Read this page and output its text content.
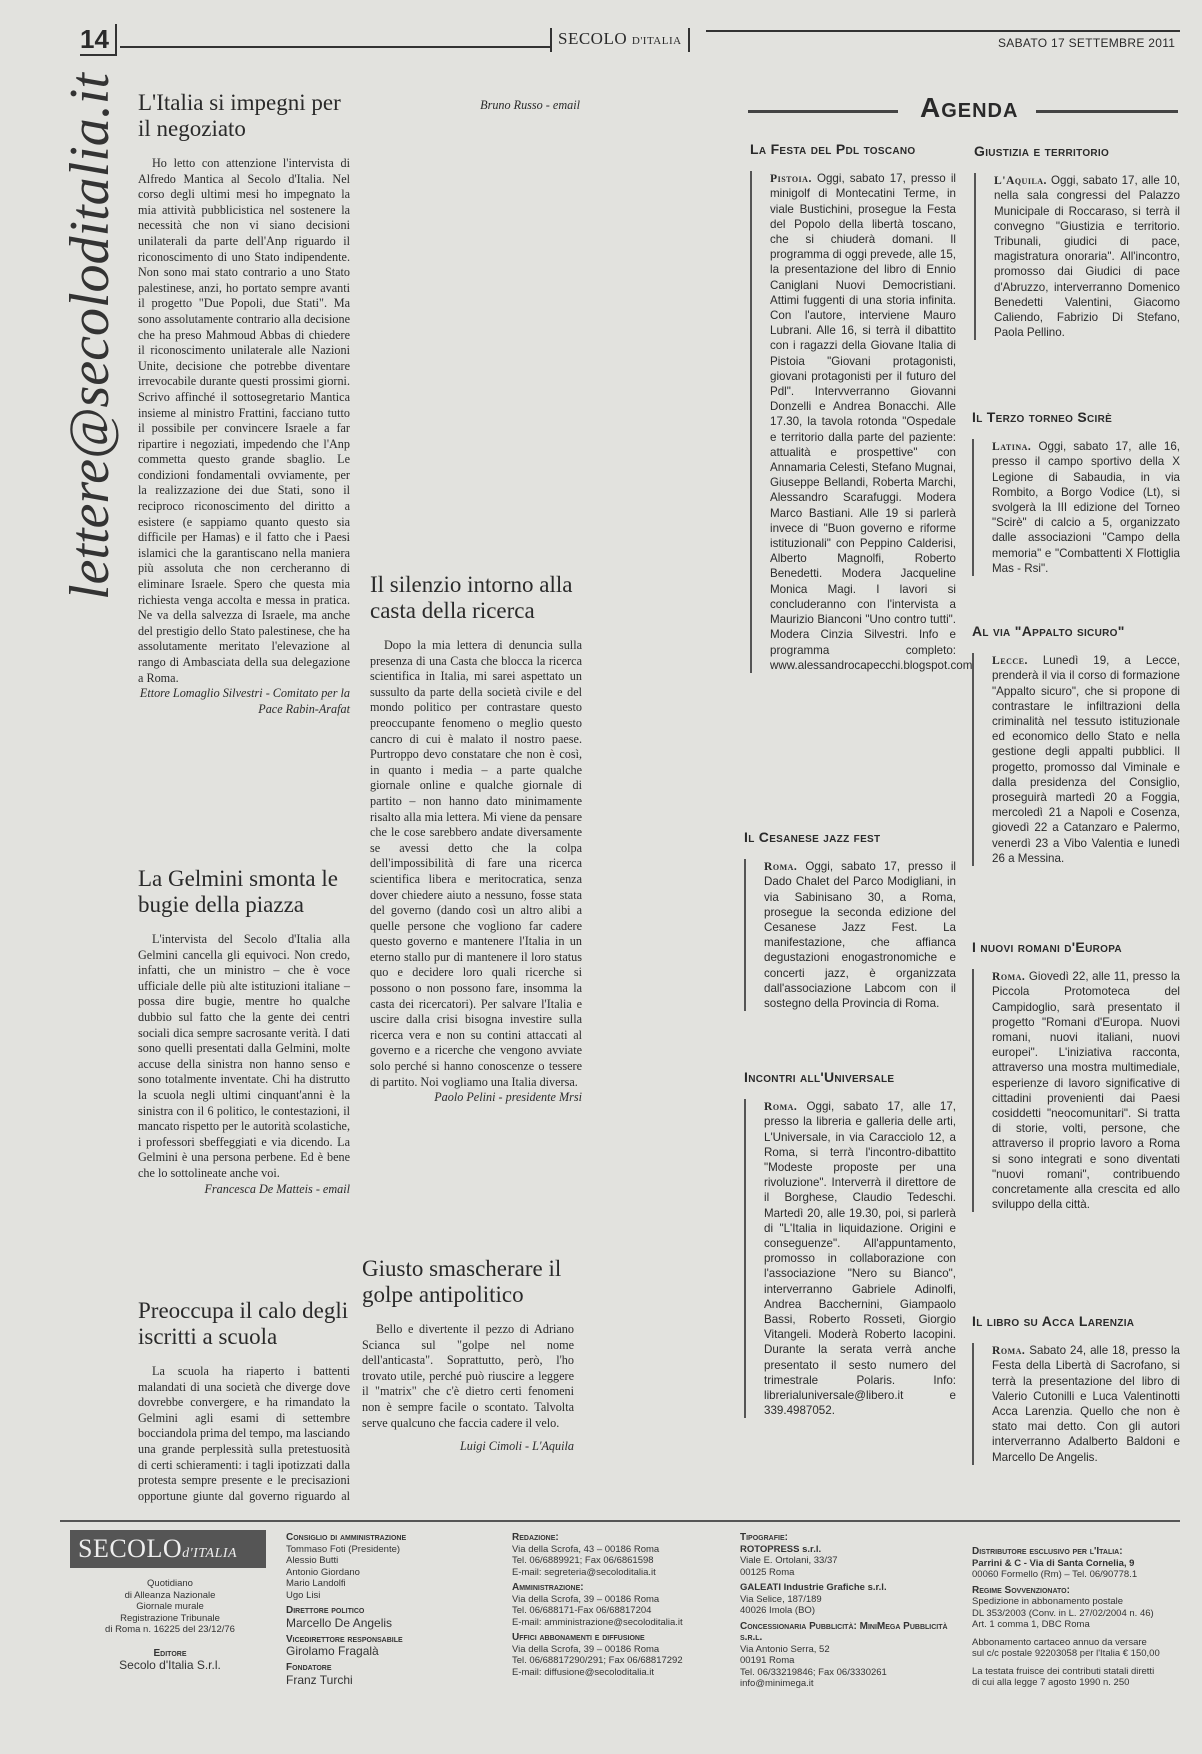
14	SECOLO D'ITALIA	SABATO 17 SETTEMBRE 2011
lettere@secoloditalia.it L'Italia si impegni per il negoziato

Ho letto con attenzione l'intervista di Alfredo Mantica al Secolo d'Italia. Nel corso degli ultimi mesi ho impegnato la mia attività pubblicistica nel sostenere la necessità che non vi siano decisioni unilaterali da parte dell'Anp riguardo il riconoscimento di uno Stato indipendente. Non sono mai stato contrario a uno Stato palestinese, anzi, ho portato sempre avanti il progetto "Due Popoli, due Stati". Ma sono assolutamente contrario alla decisione che ha preso Mahmoud Abbas di chiedere il riconoscimento unilaterale alle Nazioni Unite, decisione che potrebbe diventare irrevocabile durante questi prossimi giorni. Scrivo affinché il sottosegretario Mantica insieme al ministro Frattini, facciano tutto il possibile per convincere Israele a far ripartire i negoziati, impedendo che l'Anp commetta questo grande sbaglio. Le condizioni fondamentali ovviamente, per la realizzazione dei due Stati, sono il reciproco riconoscimento del diritto a esistere (e sappiamo quanto questo sia difficile per Hamas) e il fatto che i Paesi islamici che la garantiscano nella maniera più assoluta che non cercheranno di eliminare Israele. Spero che questa mia richiesta venga accolta e messa in pratica. Ne va della salvezza di Israele, ma anche del prestigio dello Stato palestinese, che ha assolutamente meritato l'elevazione al rango di Ambasciata della sua delegazione a Roma.

Ettore Lomaglio Silvestri - Comitato per la Pace Rabin-Arafat
La Gelmini smonta le bugie della piazza

L'intervista del Secolo d'Italia alla Gelmini cancella gli equivoci. Non credo, infatti, che un ministro – che è voce ufficiale delle più alte istituzioni italiane – possa dire bugie, mentre ho qualche dubbio sul fatto che la gente dei centri sociali dica sempre sacrosante verità. I dati sono quelli presentati dalla Gelmini, molte accuse della sinistra non hanno senso e sono totalmente inventate. Chi ha distrutto la scuola negli ultimi cinquant'anni è la sinistra con il 6 politico, le contestazioni, il mancato rispetto per le autorità scolastiche, i professori sbeffeggiati e via dicendo. La Gelmini è una persona perbene. Ed è bene che lo sottolineate anche voi.

Francesca De Matteis - email
Preoccupa il calo degli iscritti a scuola

La scuola ha riaperto i battenti malandati di una società che diverge dove dovrebbe convergere, e ha rimandato la Gelmini agli esami di settembre bocciandola prima del tempo, ma lasciando una grande perplessità sulla pretestuosità di certi schieramenti: i tagli ipotizzati dalla protesta sempre presente e le precisazioni opportune giunte dal governo riguardo al

Bruno Russo - email
Il silenzio intorno alla casta della ricerca

Dopo la mia lettera di denuncia sulla presenza di una Casta che blocca la ricerca scientifica in Italia, mi sarei aspettato un sussulto da parte della società civile e del mondo politico per contrastare questo preoccupante fenomeno o meglio questo cancro di cui è malato il nostro paese. Purtroppo devo constatare che non è così, in quanto i media – a parte qualche giornale online e qualche giornale di partito – non hanno dato minimamente risalto alla mia lettera. Mi viene da pensare che le cose sarebbero andate diversamente se avessi detto che la colpa dell'impossibilità di fare una ricerca scientifica libera e meritocratica, senza dover chiedere aiuto a nessuno, fosse stata del governo (dando così un altro alibi a quelle persone che vogliono far cadere questo governo e mantenere l'Italia in un eterno stallo pur di mantenere il loro status quo e decidere loro quali ricerche si possono o non possono fare, insomma la casta dei ricercatori). Per salvare l'Italia e uscire dalla crisi bisogna investire sulla ricerca vera e non su contini attaccati al governo e a ricerche che vengono avviate solo perché si hanno conoscenze o tessere di partito. Noi vogliamo una Italia diversa.

Paolo Pelini - presidente Mrsi
Giusto smascherare il golpe antipolitico

Bello e divertente il pezzo di Adriano Scianca sul "golpe nel nome dell'anticasta". Soprattutto, però, l'ho trovato utile, perché può riuscire a leggere il "matrix" che c'è dietro certi fenomeni non è sempre facile o scontato. Talvolta serve qualcuno che faccia cadere il velo.

Luigi Cimoli - L'Aquila
Agenda
La Festa del Pdl toscano
Pistoia. Oggi, sabato 17, presso il minigolf di Montecatini Terme, in viale Bustichini, prosegue la Festa del Popolo della libertà toscano, che si chiuderà domani. Il programma di oggi prevede, alle 15, la presentazione del libro di Ennio Caniglani Nuovi Democristiani. Attimi fuggenti di una storia infinita. Con l'autore, interviene Mauro Lubrani. Alle 16, si terrà il dibattito con i ragazzi della Giovane Italia di Pistoia "Giovani protagonisti, giovani protagonisti per il futuro del Pdl". Intervverranno Giovanni Donzelli e Andrea Bonacchi. Alle 17.30, la tavola rotonda "Ospedale e territorio dalla parte del paziente: attualità e prospettive" con Annamaria Celesti, Stefano Mugnai, Giuseppe Bellandi, Roberta Marchi, Alessandro Scarafuggi. Modera Marco Bastiani. Alle 19 si parlerà invece di "Buon governo e riforme istituzionali" con Peppino Calderisi, Alberto Magnolfi, Roberto Benedetti. Modera Jacqueline Monica Magi. I lavori si concluderanno con l'intervista a Maurizio Bianconi "Uno contro tutti". Modera Cinzia Silvestri. Info e programma completo: www.alessandrocapecchi.blogspot.com
Il Cesanese jazz fest
Roma. Oggi, sabato 17, presso il Dado Chalet del Parco Modigliani, in via Sabinisano 30, a Roma, prosegue la seconda edizione del Cesanese Jazz Fest. La manifestazione, che affianca degustazioni enogastronomiche e concerti jazz, è organizzata dall'associazione Labcom con il sostegno della Provincia di Roma.
Incontri all'Universale
Roma. Oggi, sabato 17, alle 17, presso la libreria e galleria delle arti, L'Universale, in via Caracciolo 12, a Roma, si terrà l'incontro-dibattito "Modeste proposte per una rivoluzione". Interverrà il direttore de il Borghese, Claudio Tedeschi. Martedì 20, alle 19.30, poi, si parlerà di "L'Italia in liquidazione. Origini e conseguenze". All'appuntamento, promosso in collaborazione con l'associazione "Nero su Bianco", interverranno Gabriele Adinolfi, Andrea Bacchernini, Giampaolo Bassi, Roberto Rosseti, Giorgio Vitangeli. Moderà Roberto Iacopini. Durante la serata verrà anche presentato il sesto numero del trimestrale Polaris. Info: librerialuniversale@libero.it e 339.4987052.
Giustizia e territorio
L'Aquila. Oggi, sabato 17, alle 10, nella sala congressi del Palazzo Municipale di Roccaraso, si terrà il convegno "Giustizia e territorio. Tribunali, giudici di pace, magistratura onoraria". All'incontro, promosso dai Giudici di pace d'Abruzzo, interverranno Domenico Benedetti Valentini, Giacomo Caliendo, Fabrizio Di Stefano, Paola Pellino.
Il Terzo torneo Scirè
Latina. Oggi, sabato 17, alle 16, presso il campo sportivo della X Legione di Sabaudia, in via Rombito, a Borgo Vodice (Lt), si svolgerà la III edizione del Torneo "Scirè" di calcio a 5, organizzato dalle associazioni "Campo della memoria" e "Combattenti X Flottiglia Mas - Rsi".
Al via "Appalto sicuro"
Lecce. Lunedì 19, a Lecce, prenderà il via il corso di formazione "Appalto sicuro", che si propone di contrastare le infiltrazioni della criminalità nel tessuto istituzionale ed economico dello Stato e nella gestione degli appalti pubblici. Il progetto, promosso dal Viminale e dalla presidenza del Consiglio, proseguirà martedì 20 a Foggia, mercoledì 21 a Napoli e Cosenza, giovedì 22 a Catanzaro e Palermo, venerdì 23 a Vibo Valentia e lunedì 26 a Messina.
I nuovi romani d'Europa
Roma. Giovedì 22, alle 11, presso la Piccola Protomoteca del Campidoglio, sarà presentato il progetto "Romani d'Europa. Nuovi romani, nuovi italiani, nuovi europei". L'iniziativa racconta, attraverso una mostra multimediale, esperienze di lavoro significative di cittadini provenienti dai Paesi cosiddetti "neocomunitari". Si tratta di storie, volti, persone, che attraverso il proprio lavoro a Roma si sono integrati e sono diventati "nuovi romani", contribuendo concretamente alla crescita ed allo sviluppo della città.
Il libro su Acca Larenzia
Roma. Sabato 24, alle 18, presso la Festa della Libertà di Sacrofano, si terrà la presentazione del libro di Valerio Cutonilli e Luca Valentinotti Acca Larenzia. Quello che non è stato mai detto. Con gli autori interverranno Adalberto Baldoni e Marcello De Angelis.
SECOLOd'ITALIA
Quotidiano
di Alleanza Nazionale
Giornale murale
Registrazione Tribunale
di Roma n. 16225 del 23/12/76
Editore
Secolo d'Italia S.r.l.
Consiglio di amministrazione
Tommaso Foti (Presidente)
Alessio Butti
Antonio Giordano
Mario Landolfi
Ugo Lisi
Direttore politico
Marcello De Angelis
Vicedirettore responsabile
Girolamo Fragalà
Fondatore
Franz Turchi
Redazione:
Via della Scrofa, 43 – 00186 Roma
Tel. 06/6889921; Fax 06/6861598
E-mail: segreteria@secoloditalia.it
Amministrazione:
Via della Scrofa, 39 – 00186 Roma
Tel. 06/688171-Fax 06/68817204
E-mail: amministrazione@secoloditalia.it
Uffici abbonamenti e diffusione
Via della Scrofa, 39 – 00186 Roma
Tel. 06/68817290/291; Fax 06/68817292
E-mail: diffusione@secoloditalia.it
Tipografie:
ROTOPRESS s.r.l.
Viale E. Ortolani, 33/37
00125 Roma
GALEATI Industrie Grafiche s.r.l.
Via Selice, 187/189
40026 Imola (BO)
Concessionaria Pubblicità: MiniMega Pubblicità s.r.l.
Via Antonio Serra, 52
00191 Roma
Tel. 06/33219846; Fax 06/3330261
info@minimega.it
Distributore esclusivo per l'Italia:
Parrini & C - Via di Santa Cornelia, 9
00060 Formello (Rm) – Tel. 06/90778.1
Regime Sovvenzionato:
Spedizione in abbonamento postale
DL 353/2003 (Conv. in L. 27/02/2004 n. 46)
Art. 1 comma 1, DBC Roma
Abbonamento cartaceo annuo da versare
sul c/c postale 92203058 per l'Italia € 150,00
La testata fruisce dei contributi statali diretti
di cui alla legge 7 agosto 1990 n. 250
